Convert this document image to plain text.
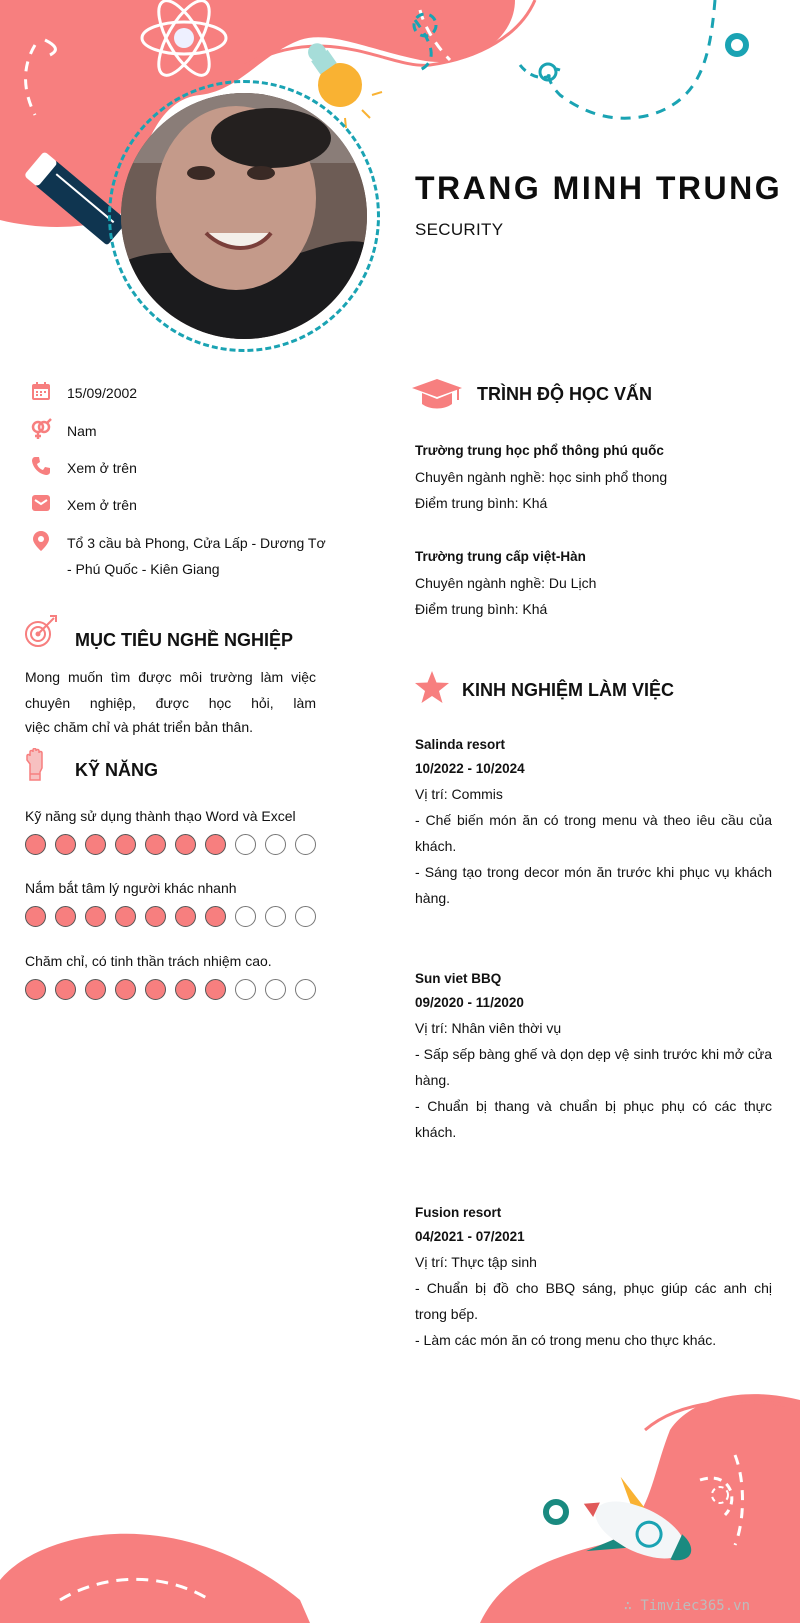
TRANG MINH TRUNG
SECURITY
15/09/2002
Nam
Xem ở trên
Xem ở trên
Tổ 3 cầu bà Phong, Cửa Lấp - Dương Tơ - Phú Quốc - Kiên Giang
MỤC TIÊU NGHỀ NGHIỆP
Mong muốn tìm được môi trường làm việc chuyên nghiệp, được học hỏi, làm
việc chăm chỉ và phát triển bản thân.
KỸ NĂNG
Kỹ năng sử dụng thành thạo Word và Excel
Nắm bắt tâm lý người khác nhanh
Chăm chỉ, có tinh thần trách nhiệm cao.
TRÌNH ĐỘ HỌC VẤN
Trường trung học phổ thông phú quốc
Chuyên ngành nghề: học sinh phổ thong
Điểm trung bình: Khá
Trường trung cấp việt-Hàn
Chuyên ngành nghề: Du Lịch
Điểm trung bình: Khá
KINH NGHIỆM LÀM VIỆC
Salinda resort
10/2022 - 10/2024
Vị trí: Commis
- Chế biến món ăn có trong menu và theo iêu cầu của khách.
- Sáng tạo trong decor món ăn trước khi phục vụ khách hàng.
Sun viet BBQ
09/2020 - 11/2020
Vị trí: Nhân viên thời vụ
- Sấp sếp bàng ghế và dọn dẹp vệ sinh trước khi mở cửa hàng.
- Chuẩn bị thang và chuẩn bị phục phụ có các thực khách.
Fusion resort
04/2021 - 07/2021
Vị trí: Thực tập sinh
- Chuẩn bị đồ cho BBQ sáng, phục giúp các anh chị trong bếp.
- Làm các món ăn có trong menu cho thực khác.
∴ Timviec365.vn
